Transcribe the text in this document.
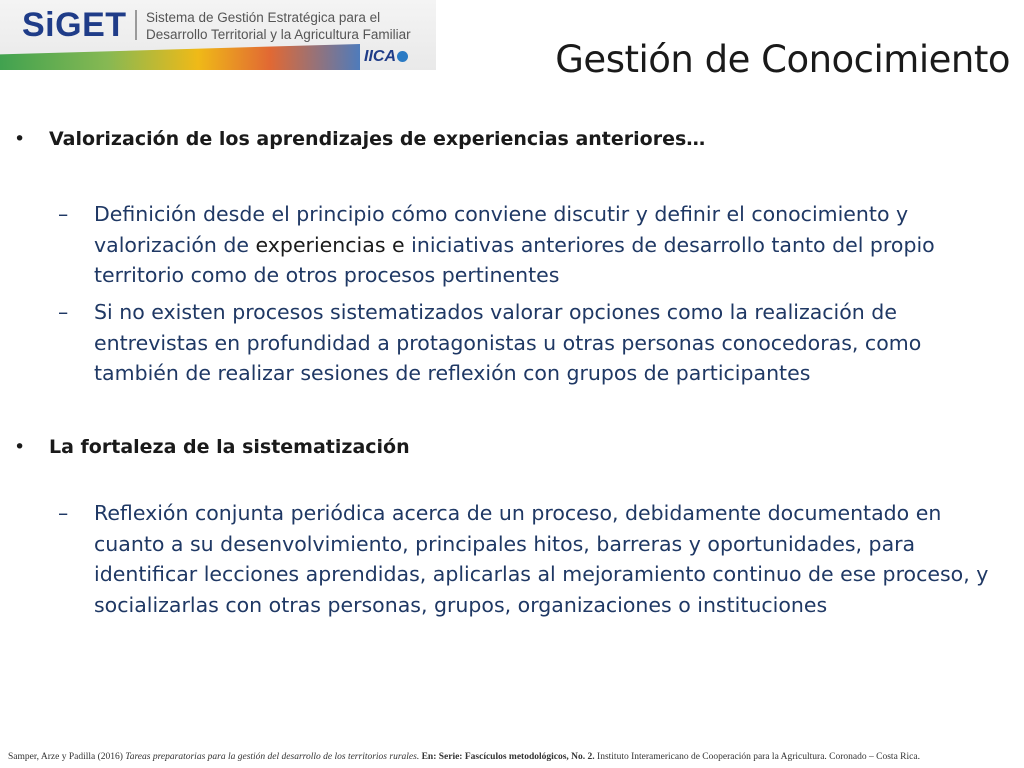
SiGET Sistema de Gestión Estratégica para el
Desarrollo Territorial y la Agricultura Familiar
IICA	Gestión de Conocimiento
• Valorización de los aprendizajes de experiencias anteriores…
– Definición desde el principio cómo conviene discutir y definir el conocimiento y valorización de experiencias e iniciativas anteriores de desarrollo tanto del propio territorio como de otros procesos pertinentes
– Si no existen procesos sistematizados valorar opciones como la realización de entrevistas en profundidad a protagonistas u otras personas conocedoras, como también de realizar sesiones de reflexión con grupos de participantes
• La fortaleza de la sistematización
– Reflexión conjunta periódica acerca de un proceso, debidamente documentado en cuanto a su desenvolvimiento, principales hitos, barreras y oportunidades, para identificar lecciones aprendidas, aplicarlas al mejoramiento continuo de ese proceso, y socializarlas con otras personas, grupos, organizaciones o instituciones
Samper, Arze y Padilla (2016) Tareas preparatorias para la gestión del desarrollo de los territorios rurales. En: Serie: Fascículos metodológicos, No. 2. Instituto Interamericano de Cooperación para la Agricultura. Coronado – Costa Rica.
